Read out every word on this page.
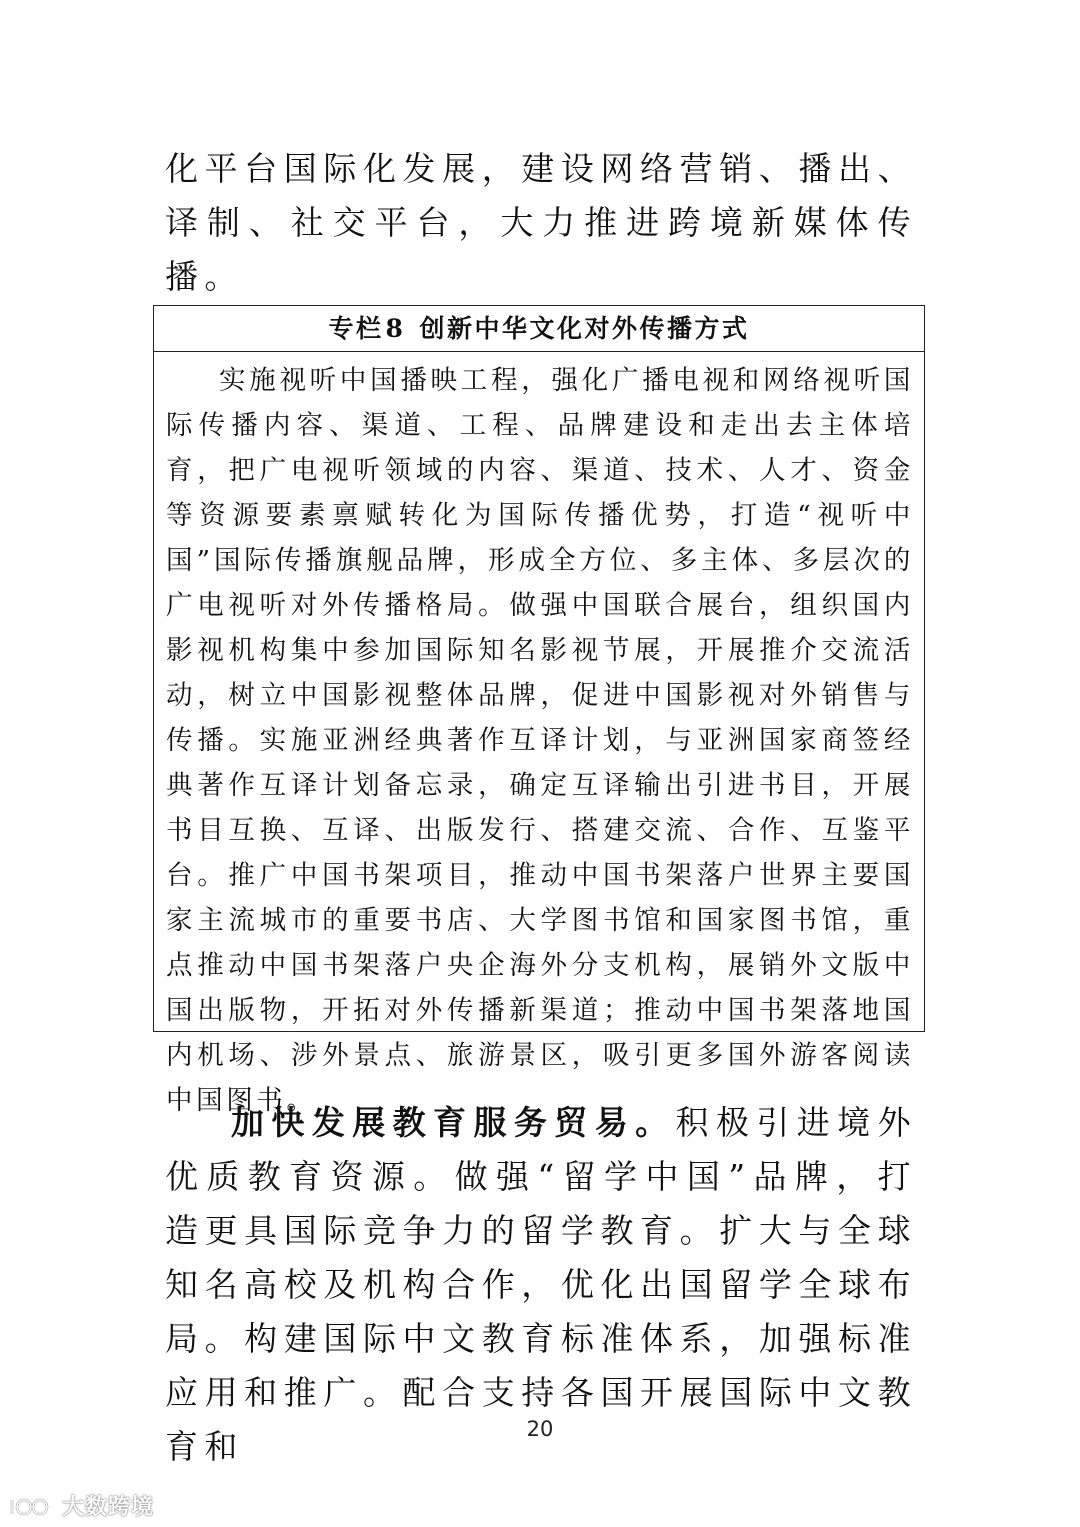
化平台国际化发展，建设网络营销、播出、译制、社交平台，大力推进跨境新媒体传播。

专栏8 创新中华文化对外传播方式

实施视听中国播映工程，强化广播电视和网络视听国际传播内容、渠道、工程、品牌建设和走出去主体培育，把广电视听领域的内容、渠道、技术、人才、资金等资源要素禀赋转化为国际传播优势，打造“视听中国”国际传播旗舰品牌，形成全方位、多主体、多层次的广电视听对外传播格局。做强中国联合展台，组织国内影视机构集中参加国际知名影视节展，开展推介交流活动，树立中国影视整体品牌，促进中国影视对外销售与传播。实施亚洲经典著作互译计划，与亚洲国家商签经典著作互译计划备忘录，确定互译输出引进书目，开展书目互换、互译、出版发行、搭建交流、合作、互鉴平台。推广中国书架项目，推动中国书架落户世界主要国家主流城市的重要书店、大学图书馆和国家图书馆，重点推动中国书架落户央企海外分支机构，展销外文版中国出版物，开拓对外传播新渠道；推动中国书架落地国内机场、涉外景点、旅游景区，吸引更多国外游客阅读中国图书。

加快发展教育服务贸易。积极引进境外优质教育资源。做强“留学中国”品牌，打造更具国际竞争力的留学教育。扩大与全球知名高校及机构合作，优化出国留学全球布局。构建国际中文教育标准体系，加强标准应用和推广。配合支持各国开展国际中文教育和	20
大数跨境
